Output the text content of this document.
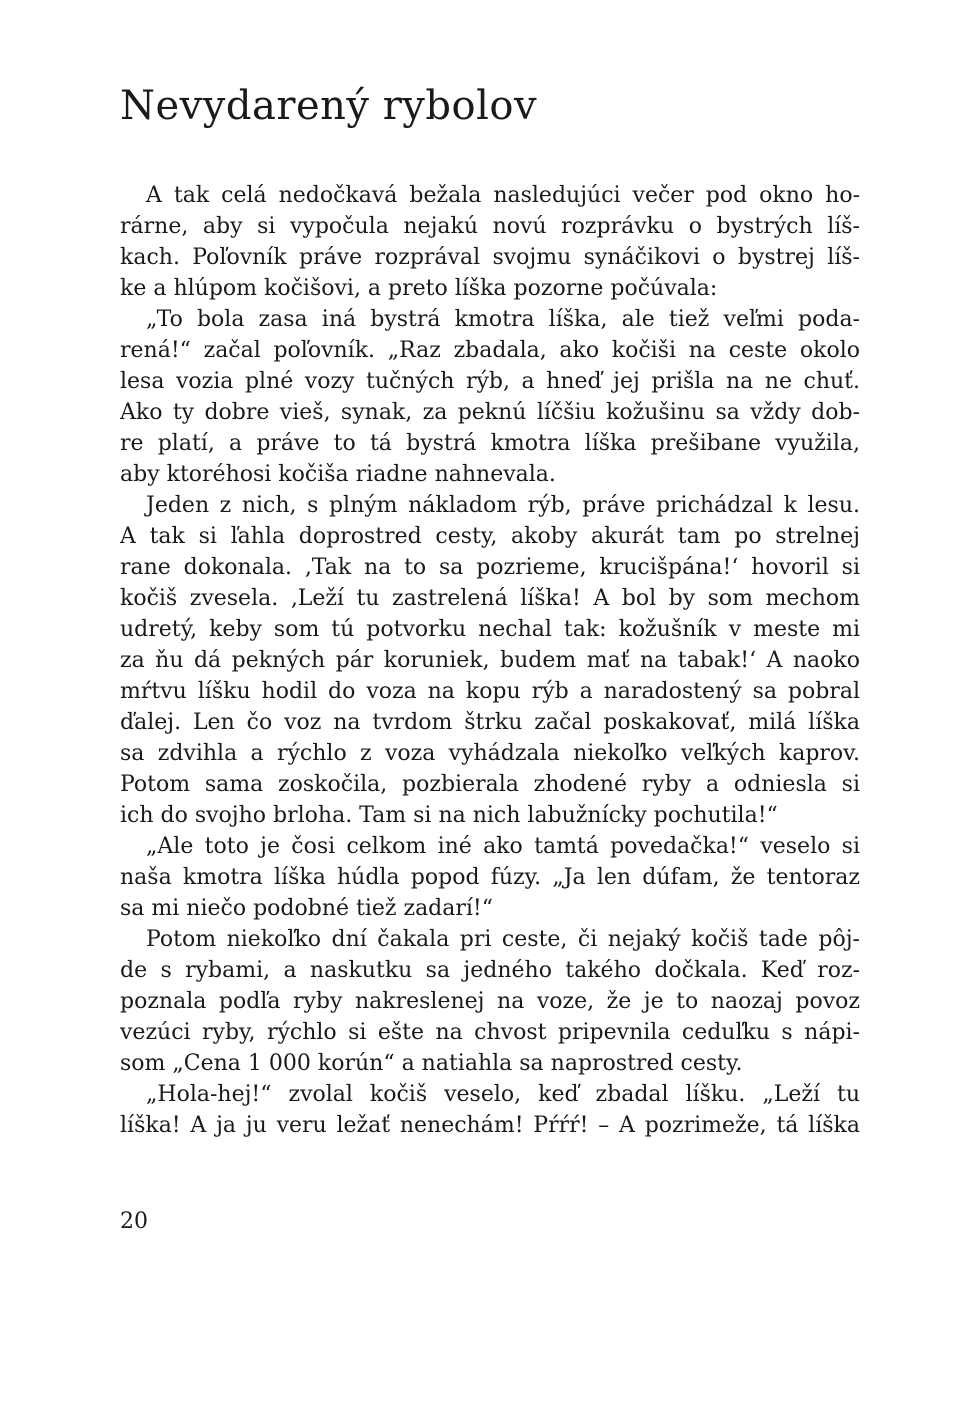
Nevydarený rybolov

A tak celá nedočkavá bežala nasledujúci večer pod okno ho-
rárne, aby si vypočula nejakú novú rozprávku o bystrých líš-
kach. Poľovník práve rozprával svojmu synáčikovi o bystrej líš-
ke a hlúpom kočišovi, a preto líška pozorne počúvala:

„To bola zasa iná bystrá kmotra líška, ale tiež veľmi poda-
rená!“ začal poľovník. „Raz zbadala, ako kočiši na ceste okolo
lesa vozia plné vozy tučných rýb, a hneď jej prišla na ne chuť.
Ako ty dobre vieš, synak, za peknú líčšiu kožušinu sa vždy dob-
re platí, a práve to tá bystrá kmotra líška prešibane využila,
aby ktoréhosi kočiša riadne nahnevala.

Jeden z nich, s plným nákladom rýb, práve prichádzal k lesu.
A tak si ľahla doprostred cesty, akoby akurát tam po strelnej
rane dokonala. ‚Tak na to sa pozrieme, krucišpána!‘ hovoril si
kočiš zvesela. ‚Leží tu zastrelená líška! A bol by som mechom
udretý, keby som tú potvorku nechal tak: kožušník v meste mi
za ňu dá pekných pár koruniek, budem mať na tabak!‘ A naoko
mŕtvu líšku hodil do voza na kopu rýb a naradostený sa pobral
ďalej. Len čo voz na tvrdom štrku začal poskakovať, milá líška
sa zdvihla a rýchlo z voza vyhádzala niekoľko veľkých kaprov.
Potom sama zoskočila, pozbierala zhodené ryby a odniesla si
ich do svojho brloha. Tam si na nich labužnícky pochutila!“

„Ale toto je čosi celkom iné ako tamtá povedačka!“ veselo si
naša kmotra líška húdla popod fúzy. „Ja len dúfam, že tentoraz
sa mi niečo podobné tiež zadarí!“

Potom niekoľko dní čakala pri ceste, či nejaký kočiš tade pôj-
de s rybami, a naskutku sa jedného takého dočkala. Keď roz-
poznala podľa ryby nakreslenej na voze, že je to naozaj povoz
vezúci ryby, rýchlo si ešte na chvost pripevnila ceduľku s nápi-
som „Cena 1 000 korún“ a natiahla sa naprostred cesty.

„Hola-hej!“ zvolal kočiš veselo, keď zbadal líšku. „Leží tu
líška! A ja ju veru ležať nenechám! Pŕŕŕ! – A pozrimeže, tá líška

20
